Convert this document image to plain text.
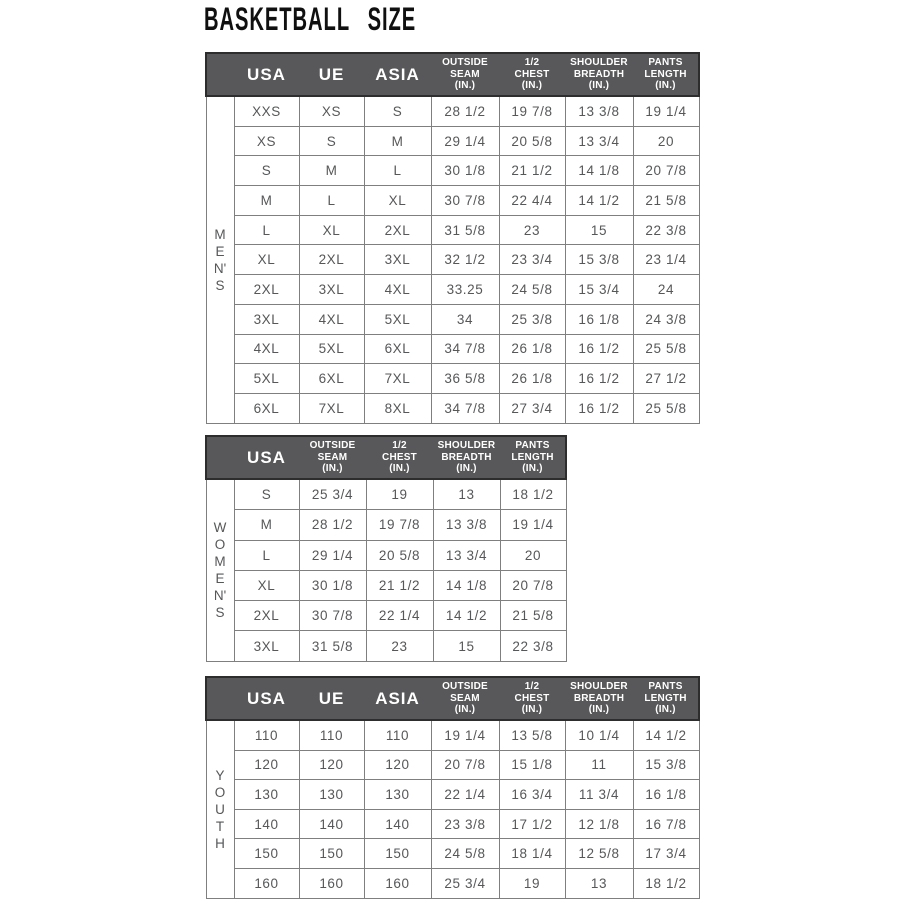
BASKETBALL SIZE
	USA	UE	ASIA	OUTSIDE
SEAM
(IN.)	1/2
CHEST
(IN.)	SHOULDER
BREADTH
(IN.)	PANTS
LENGTH
(IN.)
M
E
N'
S	XXS	XS	S	28 1/2	19 7/8	13 3/8	19 1/4
	XS	S	M	29 1/4	20 5/8	13 3/4	20
	S	M	L	30 1/8	21 1/2	14 1/8	20 7/8
	M	L	XL	30 7/8	22 4/4	14 1/2	21 5/8
	L	XL	2XL	31 5/8	23	15	22 3/8
	XL	2XL	3XL	32 1/2	23 3/4	15 3/8	23 1/4
	2XL	3XL	4XL	33.25	24 5/8	15 3/4	24
	3XL	4XL	5XL	34	25 3/8	16 1/8	24 3/8
	4XL	5XL	6XL	34 7/8	26 1/8	16 1/2	25 5/8
	5XL	6XL	7XL	36 5/8	26 1/8	16 1/2	27 1/2
	6XL	7XL	8XL	34 7/8	27 3/4	16 1/2	25 5/8
	USA	OUTSIDE
SEAM
(IN.)	1/2
CHEST
(IN.)	SHOULDER
BREADTH
(IN.)	PANTS
LENGTH
(IN.)
W
O
M
E
N'
S	S	25 3/4	19	13	18 1/2
	M	28 1/2	19 7/8	13 3/8	19 1/4
	L	29 1/4	20 5/8	13 3/4	20
	XL	30 1/8	21 1/2	14 1/8	20 7/8
	2XL	30 7/8	22 1/4	14 1/2	21 5/8
	3XL	31 5/8	23	15	22 3/8
	USA	UE	ASIA	OUTSIDE
SEAM
(IN.)	1/2
CHEST
(IN.)	SHOULDER
BREADTH
(IN.)	PANTS
LENGTH
(IN.)
Y
O
U
T
H	110	110	110	19 1/4	13 5/8	10 1/4	14 1/2
	120	120	120	20 7/8	15 1/8	11	15 3/8
	130	130	130	22 1/4	16 3/4	11 3/4	16 1/8
	140	140	140	23 3/8	17 1/2	12 1/8	16 7/8
	150	150	150	24 5/8	18 1/4	12 5/8	17 3/4
	160	160	160	25 3/4	19	13	18 1/2
